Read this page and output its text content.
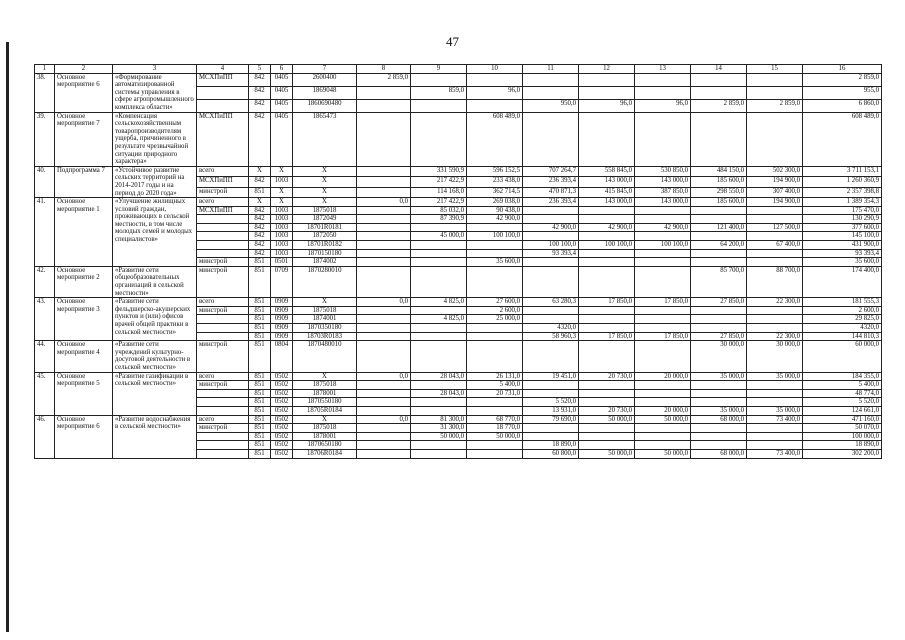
47
1	2	3	4	5	6	7	8	9	10	11	12	13	14	15	16
38.	Основное мероприятие 6	«Формирование автоматизированной системы управления в сфере агропромышленного комплекса области»	МСХПиПП	842	0405	2600400	2 859,0								2 859,0
				842	0405	1869048		859,0	96,0						955,0
				842	0405	1860690480				950,0	96,0	96,0	2 859,0	2 859,0	6 860,0
39.	Основное мероприятие 7	«Компенсация сельскохозяйственным товаропроизводителям ущерба, причиненного в результате чрезвычайной ситуации природного характера»	МСХПиПП	842	0405	1865473			608 489,0						608 489,0
40.	Подпрограмма 7	«Устойчивое развитие сельских территорий на 2014-2017 годы и на период до 2020 года»	всего	X	X	X		331 590,9	596 152,5	707 264,7	558 845,0	530 850,0	484 150,0	502 300,0	3 711 153,1
			МСХПиПП	842	1003	X		217 422,9	233 438,0	236 393,4	143 000,0	143 000,0	185 600,0	194 900,0	1 260 360,9
			минстрой	851	X	X		114 168,0	362 714,5	470 871,3	415 845,0	387 850,0	298 550,0	307 400,0	2 357 398,8
41.	Основное мероприятие 1	«Улучшение жилищных условий граждан, проживающих в сельской местности, в том числе молодых семей и молодых специалистов»	всего	X	X	X	0,0	217 422,9	269 038,0	236 393,4	143 000,0	143 000,0	185 600,0	194 900,0	1 389 354,3
			МСХПиПП	842	1003	1875018		85 032,0	90 438,0						175 470,0
				842	1003	1872049		87 390,9	42 900,0						130 290,9
				842	1003	18701R0181				42 900,0	42 900,0	42 900,0	121 400,0	127 500,0	377 600,0
				842	1003	1872050		45 000,0	100 100,0						145 100,0
				842	1003	18701R0182				100 100,0	100 100,0	100 100,0	64 200,0	67 400,0	431 900,0
				842	1003	1870150180				93 393,4					93 393,4
			минстрой	851	0501	1874002			35 600,0						35 600,0
42.	Основное мероприятие 2	«Развитие сети общеобразовательных организаций в сельской местности»	минстрой	851	0709	1870280010							85 700,0	88 700,0	174 400,0
43.	Основное мероприятие 3	«Развитие сети фельдшерско-акушерских пунктов и (или) офисов врачей общей практики в сельской местности»	всего	851	0909	X	0,0	4 825,0	27 600,0	63 280,3	17 850,0	17 850,0	27 850,0	22 300,0	181 555,3
			минстрой	851	0909	1875018			2 600,0						2 600,0
				851	0909	1874001		4 825,0	25 000,0						29 825,0
				851	0909	1870350180				4320,0					4320,0
				851	0909	18703R0183				58 960,3	17 850,0	17 850,0	27 850,0	22 300,0	144 810,3
44.	Основное мероприятие 4	«Развитие сети учреждений культурно-досуговой деятельности в сельской местности»	минстрой	851	0804	1870480010							30 000,0	30 000,0	60 000,0
45.	Основное мероприятие 5	«Развитие газификации в сельской местности»	всего	851	0502	X	0,0	28 043,0	26 131,0	19 451,0	20 730,0	20 000,0	35 000,0	35 000,0	184 355,0
			минстрой	851	0502	1875018			5 400,0						5 400,0
				851	0502	1878001		28 043,0	20 731,0						48 774,0
				851	0502	1870550180				5 520,0					5 520,0
				851	0502	18705R0184				13 931,0	20 730,0	20 000,0	35 000,0	35 000,0	124 661,0
46.	Основное мероприятие 6	«Развитие водоснабжения в сельской местности»	всего	851	0502	X	0,0	81 300,0	68 770,0	79 690,0	50 000,0	50 000,0	68 000,0	73 400,0	471 160,0
			минстрой	851	0502	1875018		31 300,0	18 770,0						50 070,0
				851	0502	1878001		50 000,0	50 000,0						100 000,0
				851	0502	1870650180				18 890,0					18 890,0
				851	0502	18706R0184				60 800,0	50 000,0	50 000,0	68 000,0	73 400,0	302 200,0
